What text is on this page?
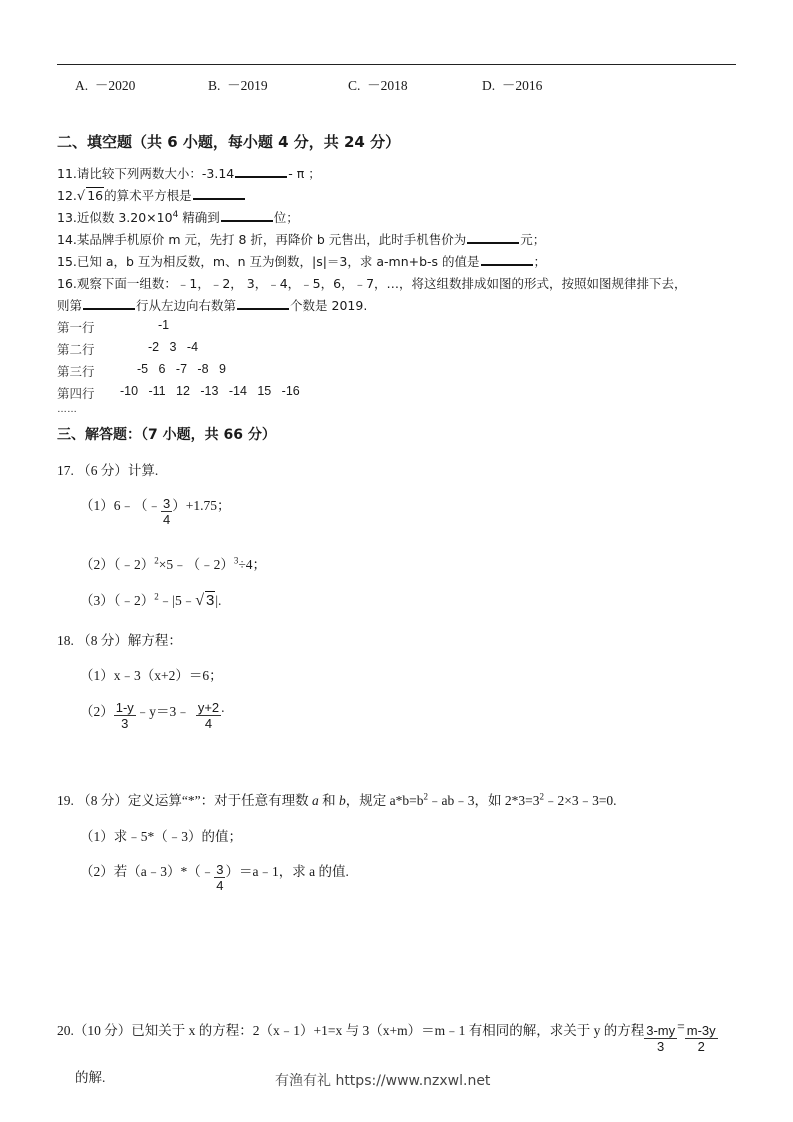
A. －2020	B. －2019	C. －2018	D. －2016
二、填空题（共 6 小题，每小题 4 分，共 24 分）
11.请比较下列两数大小：-3.14	- π ；
12.√ 16的算术平方根是
13.近似数 $3.20\times 10^4$ 精确到	位；
14.某品牌手机原价 m 元，先打 8 折，再降价 b 元售出，此时手机售价为	元；
15.已知 a，b 互为相反数，m、n 互为倒数，|s|＝3，求 a-mn+b-s 的值是	；
16.观察下面一组数：﹣1，﹣2， 3，﹣4，﹣5，6，﹣7，…，将这组数排成如图的形式，按照如图规律排下去，
则第	行从左边向右数第	个数是 2019.
第一行	-1
第二行	-2   3   -4
第三行	-5   6   -7   -8   9
第四行 -10   -11   12   -13   -14   15   -16
……
三、解答题：（7 小题，共 66 分）
17. （6 分）计算.
（1）6﹣（﹣ $\frac{3}{4} )+1.75$；
（2）（﹣2）$^2$×5﹣（﹣2）$^3$÷4；
（3）（﹣2）$^2$﹣|5﹣√ 3|.
18. （8 分）解方程：
（1）x﹣3（x+2）＝6；
$(2) \frac{1-y}{3}$ ﹣y＝3﹣ $\frac{y+2}{4}$ .
19. （8 分）定义运算“*”：对于任意有理数 a 和 b，规定 $a*b=b^2﹣ab﹣3$，如 $2*3=3^2﹣2\times 3﹣3=0$.
（1）求﹣5*（﹣3）的值；
（2）若（a﹣3）*（﹣ $\frac{3}{4}$ ）＝a﹣1，求 a 的值.
20.（10 分）已知关于 x 的方程：2（x﹣1）+1=x 与 3（x+m）＝m﹣1 有相同的解，求关于 y 的方程 $\frac{3-my}{3} = \frac{m-3y}{2}$
的解.	有渔有礼 https://www.nzxwl.net
